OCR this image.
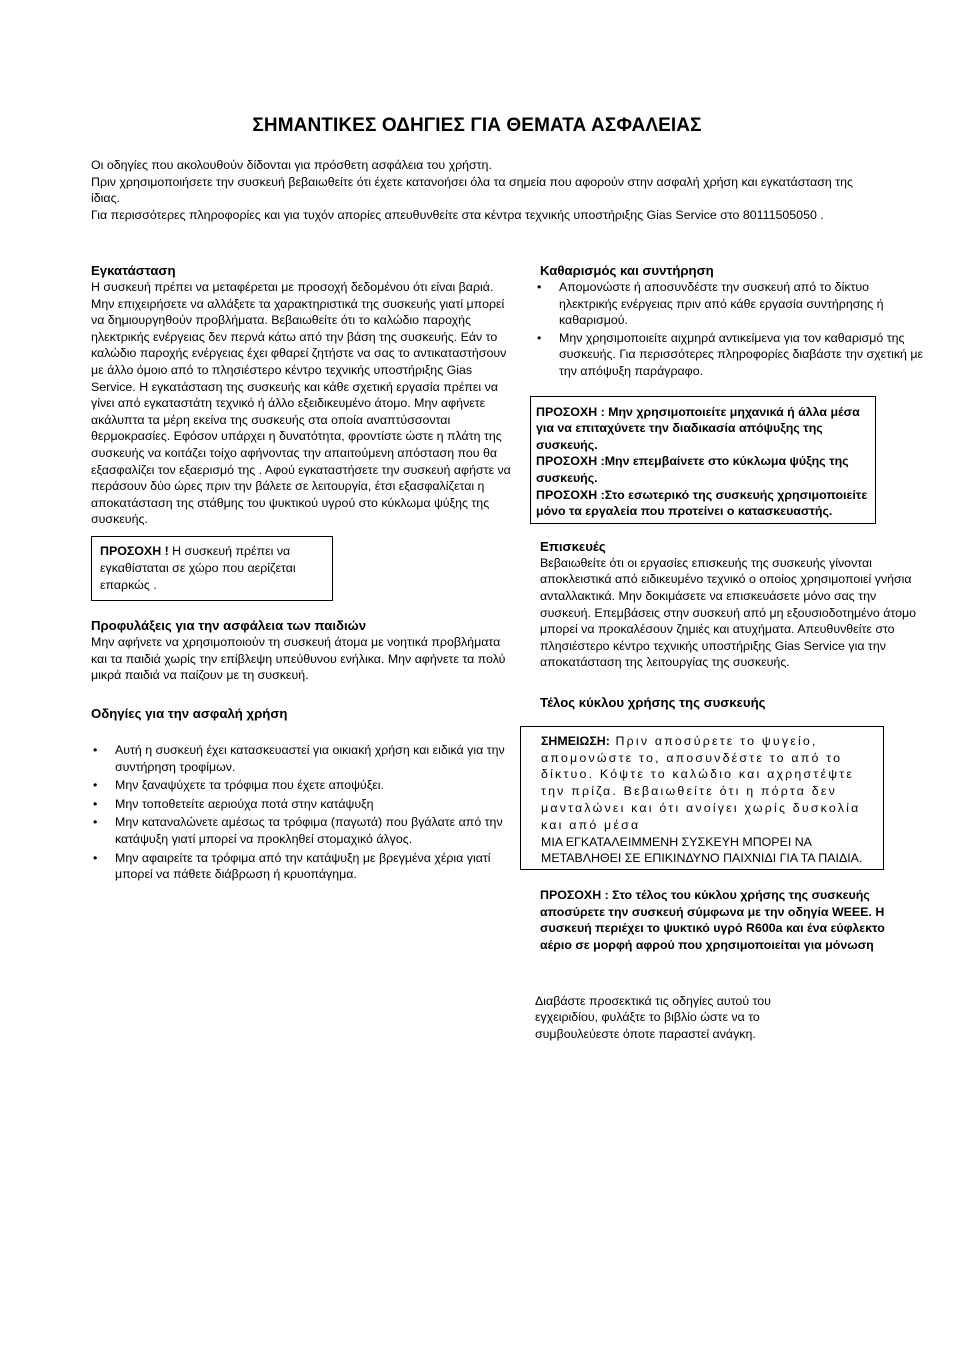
ΣΗΜΑΝΤΙΚΕΣ ΟΔΗΓΙΕΣ ΓΙΑ ΘΕΜΑΤΑ ΑΣΦΑΛΕΙΑΣ

Οι οδηγίες που ακολουθούν δίδονται για πρόσθετη ασφάλεια του χρήστη.

Πριν χρησιμοποιήσετε την συσκευή βεβαιωθείτε ότι έχετε κατανοήσει όλα τα σημεία που αφορούν στην ασφαλή χρήση και εγκατάσταση της ίδιας.

Για περισσότερες πληροφορίες και για τυχόν απορίες απευθυνθείτε στα κέντρα τεχνικής υποστήριξης Gias Service στο 80111505050 .

Εγκατάσταση

Η συσκευή πρέπει να μεταφέρεται με προσοχή δεδομένου ότι είναι βαριά. Μην επιχειρήσετε να αλλάξετε τα χαρακτηριστικά της συσκευής γιατί μπορεί να δημιουργηθούν προβλήματα. Βεβαιωθείτε ότι το καλώδιο παροχής ηλεκτρικής ενέργειας δεν περνά κάτω από την βάση της συσκευής. Εάν το καλώδιο παροχής ενέργειας έχει φθαρεί ζητήστε να σας το αντικαταστήσουν με άλλο όμοιο από το πλησιέστερο κέντρο τεχνικής υποστήριξης Gias Service. Η εγκατάσταση της συσκευής και κάθε σχετική εργασία πρέπει να γίνει από εγκαταστάτη τεχνικό ή άλλο εξειδικευμένο άτομο. Μην αφήνετε ακάλυπτα τα μέρη εκείνα της συσκευής στα οποία αναπτύσσονται θερμοκρασίες. Εφόσον υπάρχει η δυνατότητα, φροντίστε ώστε η πλάτη της συσκευής να κοιτάζει τοίχο αφήνοντας την απαιτούμενη απόσταση που θα εξασφαλίζει τον εξαερισμό της . Αφού εγκαταστήσετε την συσκευή αφήστε να περάσουν δύο ώρες πριν την βάλετε σε λειτουργία, έτσι εξασφαλίζεται η αποκατάσταση της στάθμης του ψυκτικού υγρού στο κύκλωμα ψύξης της συσκευής.

ΠΡΟΣΟΧΗ ! Η συσκευή πρέπει να εγκαθίσταται σε χώρο που αερίζεται επαρκώς .
Προφυλάξεις για την ασφάλεια των παιδιών

Μην αφήνετε να χρησιμοποιούν τη συσκευή άτομα με νοητικά προβλήματα και τα παιδιά χωρίς την επίβλεψη υπεύθυνου ενήλικα. Μην αφήνετε τα πολύ μικρά παιδιά να παίζουν με τη συσκευή.

Οδηγίες για την ασφαλή χρήση
• Αυτή η συσκευή έχει κατασκευαστεί για οικιακή χρήση και ειδικά για την συντήρηση τροφίμων.
• Μην ξαναψύχετε τα τρόφιμα που έχετε αποψύξει.
• Μην τοποθετείτε αεριούχα ποτά στην κατάψυξη
• Μην καταναλώνετε αμέσως τα τρόφιμα (παγωτά) που βγάλατε από την κατάψυξη γιατί μπορεί να προκληθεί στομαχικό άλγος.
• Μην αφαιρείτε τα τρόφιμα από την κατάψυξη με βρεγμένα χέρια γιατί μπορεί να πάθετε διάβρωση ή κρυοπάγημα.
Καθαρισμός και συντήρηση
• Απομονώστε ή αποσυνδέστε την συσκευή από το δίκτυο ηλεκτρικής ενέργειας πριν από κάθε εργασία συντήρησης ή καθαρισμού.
• Μην χρησιμοποιείτε αιχμηρά αντικείμενα για τον καθαρισμό της συσκευής. Για περισσότερες πληροφορίες διαβάστε την σχετική με την απόψυξη παράγραφο.
ΠΡΟΣΟΧΗ : Μην χρησιμοποιείτε μηχανικά ή άλλα μέσα για να επιταχύνετε την διαδικασία απόψυξης της συσκευής.
ΠΡΟΣΟΧΗ :Μην επεμβαίνετε στο κύκλωμα ψύξης της συσκευής.
ΠΡΟΣΟΧΗ :Στο εσωτερικό της συσκευής χρησιμοποιείτε μόνο τα εργαλεία που προτείνει ο κατασκευαστής.
Επισκευές

Βεβαιωθείτε ότι οι εργασίες επισκευής της συσκευής γίνονται αποκλειστικά από ειδικευμένο τεχνικό ο οποίος χρησιμοποιεί γνήσια ανταλλακτικά. Μην δοκιμάσετε να επισκευάσετε μόνο σας την συσκευή. Επεμβάσεις στην συσκευή από μη εξουσιοδοτημένο άτομο μπορεί να προκαλέσουν ζημιές και ατυχήματα. Απευθυνθείτε στο πλησιέστερο κέντρο τεχνικής υποστήριξης Gias Service για την αποκατάσταση της λειτουργίας της συσκευής.

Τέλος κύκλου χρήσης της συσκευής
ΣΗΜΕΙΩΣΗ: Πριν αποσύρετε το ψυγείο, απομονώστε το, αποσυνδέστε το από το δίκτυο. Κόψτε το καλώδιο και αχρηστέψτε την πρίζα. Βεβαιωθείτε ότι η πόρτα δεν μανταλώνει και ότι ανοίγει χωρίς δυσκολία και από μέσα
ΜΙΑ ΕΓΚΑΤΑΛΕΙΜΜΕΝΗ ΣΥΣΚΕΥΗ ΜΠΟΡΕΙ ΝΑ ΜΕΤΑΒΛΗΘΕΙ ΣΕ ΕΠΙΚΙΝΔΥΝΟ ΠΑΙΧΝΙΔΙ ΓΙΑ ΤΑ ΠΑΙΔΙΑ.

ΠΡΟΣΟΧΗ : Στο τέλος του κύκλου χρήσης της συσκευής αποσύρετε την συσκευή σύμφωνα με την οδηγία WEEE. Η συσκευή περιέχει το ψυκτικό υγρό R600a και ένα εύφλεκτο αέριο σε μορφή αφρού που χρησιμοποιείται για μόνωση

Διαβάστε προσεκτικά τις οδηγίες αυτού του εγχειριδίου, φυλάξτε το βιβλίο ώστε να το συμβουλεύεστε όποτε παραστεί ανάγκη.
